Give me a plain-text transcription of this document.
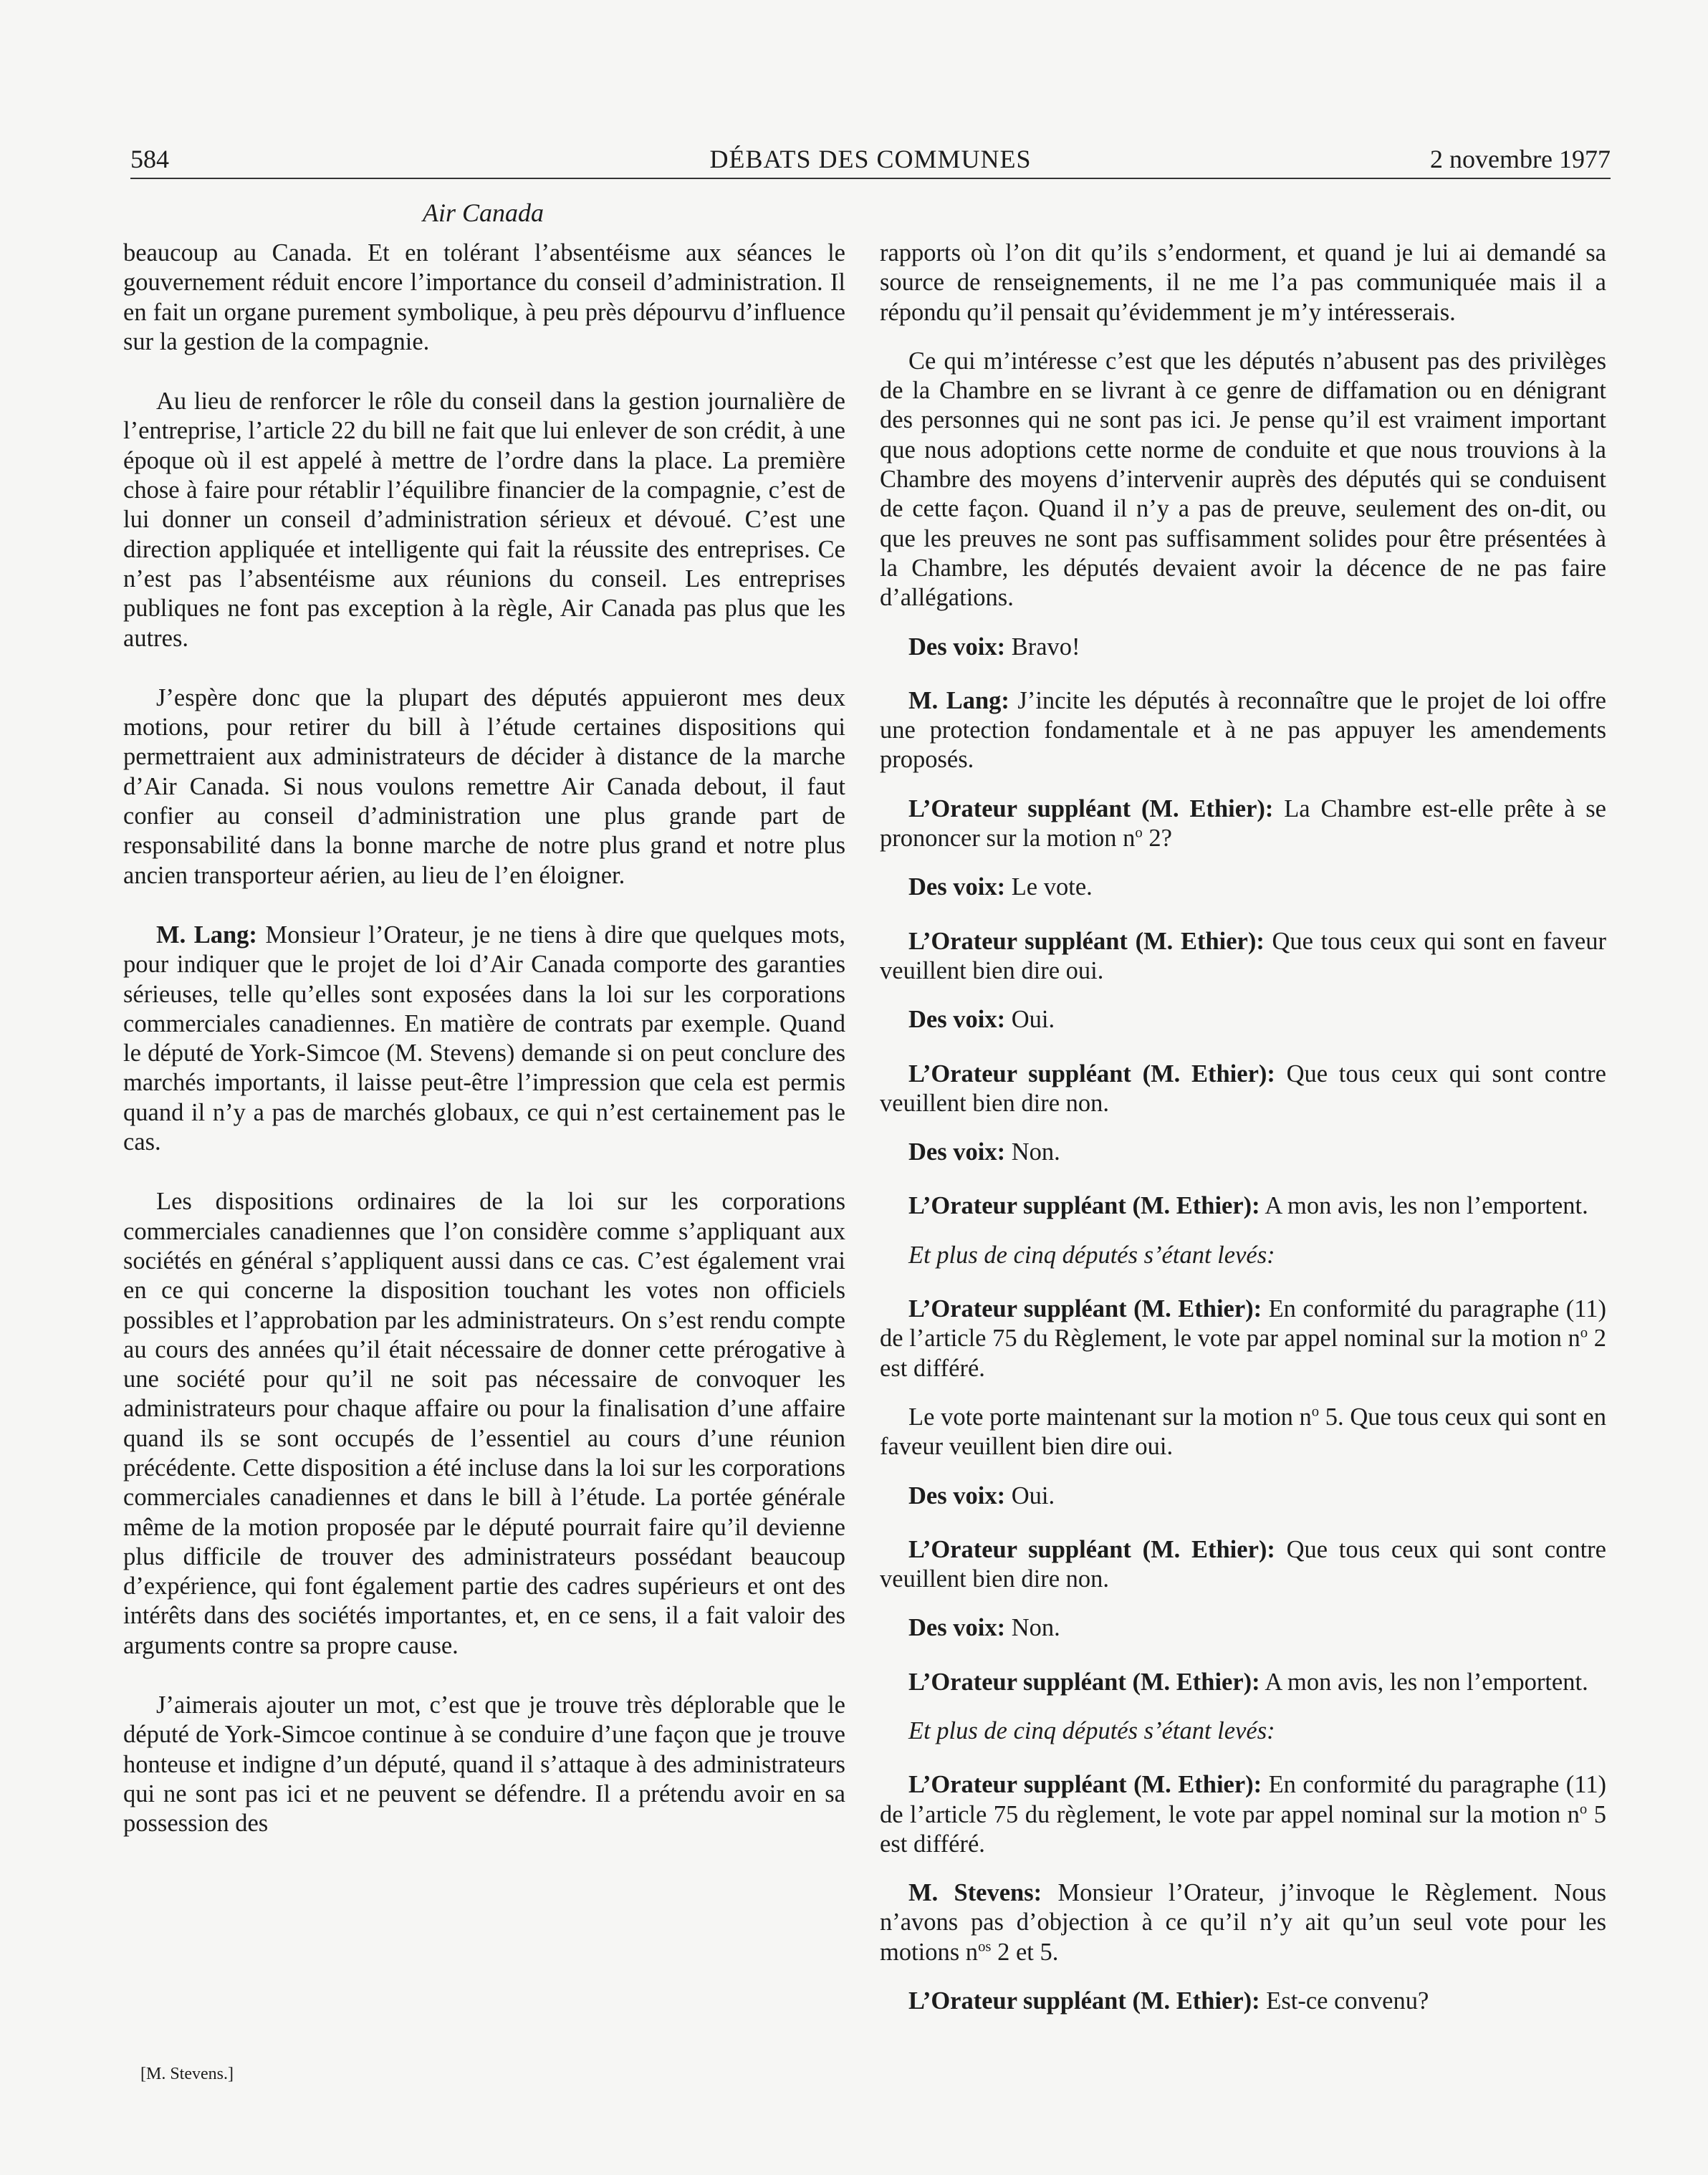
584	DÉBATS DES COMMUNES	2 novembre 1977
Air Canada

beaucoup au Canada. Et en tolérant l’absentéisme aux séances le gouvernement réduit encore l’importance du conseil d’administration. Il en fait un organe purement symbolique, à peu près dépourvu d’influence sur la gestion de la compagnie.

Au lieu de renforcer le rôle du conseil dans la gestion journalière de l’entreprise, l’article 22 du bill ne fait que lui enlever de son crédit, à une époque où il est appelé à mettre de l’ordre dans la place. La première chose à faire pour rétablir l’équilibre financier de la compagnie, c’est de lui donner un conseil d’administration sérieux et dévoué. C’est une direction appliquée et intelligente qui fait la réussite des entreprises. Ce n’est pas l’absentéisme aux réunions du conseil. Les entreprises publiques ne font pas exception à la règle, Air Canada pas plus que les autres.

J’espère donc que la plupart des députés appuieront mes deux motions, pour retirer du bill à l’étude certaines dispositions qui permettraient aux administrateurs de décider à distance de la marche d’Air Canada. Si nous voulons remettre Air Canada debout, il faut confier au conseil d’administration une plus grande part de responsabilité dans la bonne marche de notre plus grand et notre plus ancien transporteur aérien, au lieu de l’en éloigner.

M. Lang: Monsieur l’Orateur, je ne tiens à dire que quelques mots, pour indiquer que le projet de loi d’Air Canada comporte des garanties sérieuses, telle qu’elles sont exposées dans la loi sur les corporations commerciales canadiennes. En matière de contrats par exemple. Quand le député de York-Simcoe (M. Stevens) demande si on peut conclure des marchés importants, il laisse peut-être l’impression que cela est permis quand il n’y a pas de marchés globaux, ce qui n’est certainement pas le cas.

Les dispositions ordinaires de la loi sur les corporations commerciales canadiennes que l’on considère comme s’appliquant aux sociétés en général s’appliquent aussi dans ce cas. C’est également vrai en ce qui concerne la disposition touchant les votes non officiels possibles et l’approbation par les administrateurs. On s’est rendu compte au cours des années qu’il était nécessaire de donner cette prérogative à une société pour qu’il ne soit pas nécessaire de convoquer les administrateurs pour chaque affaire ou pour la finalisation d’une affaire quand ils se sont occupés de l’essentiel au cours d’une réunion précédente. Cette disposition a été incluse dans la loi sur les corporations commerciales canadiennes et dans le bill à l’étude. La portée générale même de la motion proposée par le député pourrait faire qu’il devienne plus difficile de trouver des administrateurs possédant beaucoup d’expérience, qui font également partie des cadres supérieurs et ont des intérêts dans des sociétés importantes, et, en ce sens, il a fait valoir des arguments contre sa propre cause.

J’aimerais ajouter un mot, c’est que je trouve très déplorable que le député de York-Simcoe continue à se conduire d’une façon que je trouve honteuse et indigne d’un député, quand il s’attaque à des administrateurs qui ne sont pas ici et ne peuvent se défendre. Il a prétendu avoir en sa possession des

[M. Stevens.]

rapports où l’on dit qu’ils s’endorment, et quand je lui ai demandé sa source de renseignements, il ne me l’a pas communiquée mais il a répondu qu’il pensait qu’évidemment je m’y intéresserais.

Ce qui m’intéresse c’est que les députés n’abusent pas des privilèges de la Chambre en se livrant à ce genre de diffamation ou en dénigrant des personnes qui ne sont pas ici. Je pense qu’il est vraiment important que nous adoptions cette norme de conduite et que nous trouvions à la Chambre des moyens d’intervenir auprès des députés qui se conduisent de cette façon. Quand il n’y a pas de preuve, seulement des on-dit, ou que les preuves ne sont pas suffisamment solides pour être présentées à la Chambre, les députés devaient avoir la décence de ne pas faire d’allégations.

Des voix: Bravo!

M. Lang: J’incite les députés à reconnaître que le projet de loi offre une protection fondamentale et à ne pas appuyer les amendements proposés.

L’Orateur suppléant (M. Ethier): La Chambre est-elle prête à se prononcer sur la motion $n^o$ 2?

Des voix: Le vote.

L’Orateur suppléant (M. Ethier): Que tous ceux qui sont en faveur veuillent bien dire oui.

Des voix: Oui.

L’Orateur suppléant (M. Ethier): Que tous ceux qui sont contre veuillent bien dire non.

Des voix: Non.

L’Orateur suppléant (M. Ethier): A mon avis, les non l’emportent.

Et plus de cinq députés s’étant levés:

L’Orateur suppléant (M. Ethier): En conformité du paragraphe (11) de l’article 75 du Règlement, le vote par appel nominal sur la motion $n^o$ 2 est différé.

Le vote porte maintenant sur la motion $n^o$ 5. Que tous ceux qui sont en faveur veuillent bien dire oui.

Des voix: Oui.

L’Orateur suppléant (M. Ethier): Que tous ceux qui sont contre veuillent bien dire non.

Des voix: Non.

L’Orateur suppléant (M. Ethier): A mon avis, les non l’emportent.

Et plus de cinq députés s’étant levés:

L’Orateur suppléant (M. Ethier): En conformité du paragraphe (11) de l’article 75 du règlement, le vote par appel nominal sur la motion $n^o$ 5 est différé.

M. Stevens: Monsieur l’Orateur, j’invoque le Règlement. Nous n’avons pas d’objection à ce qu’il n’y ait qu’un seul vote pour les motions $n^{os}$ 2 et 5.

L’Orateur suppléant (M. Ethier): Est-ce convenu?
